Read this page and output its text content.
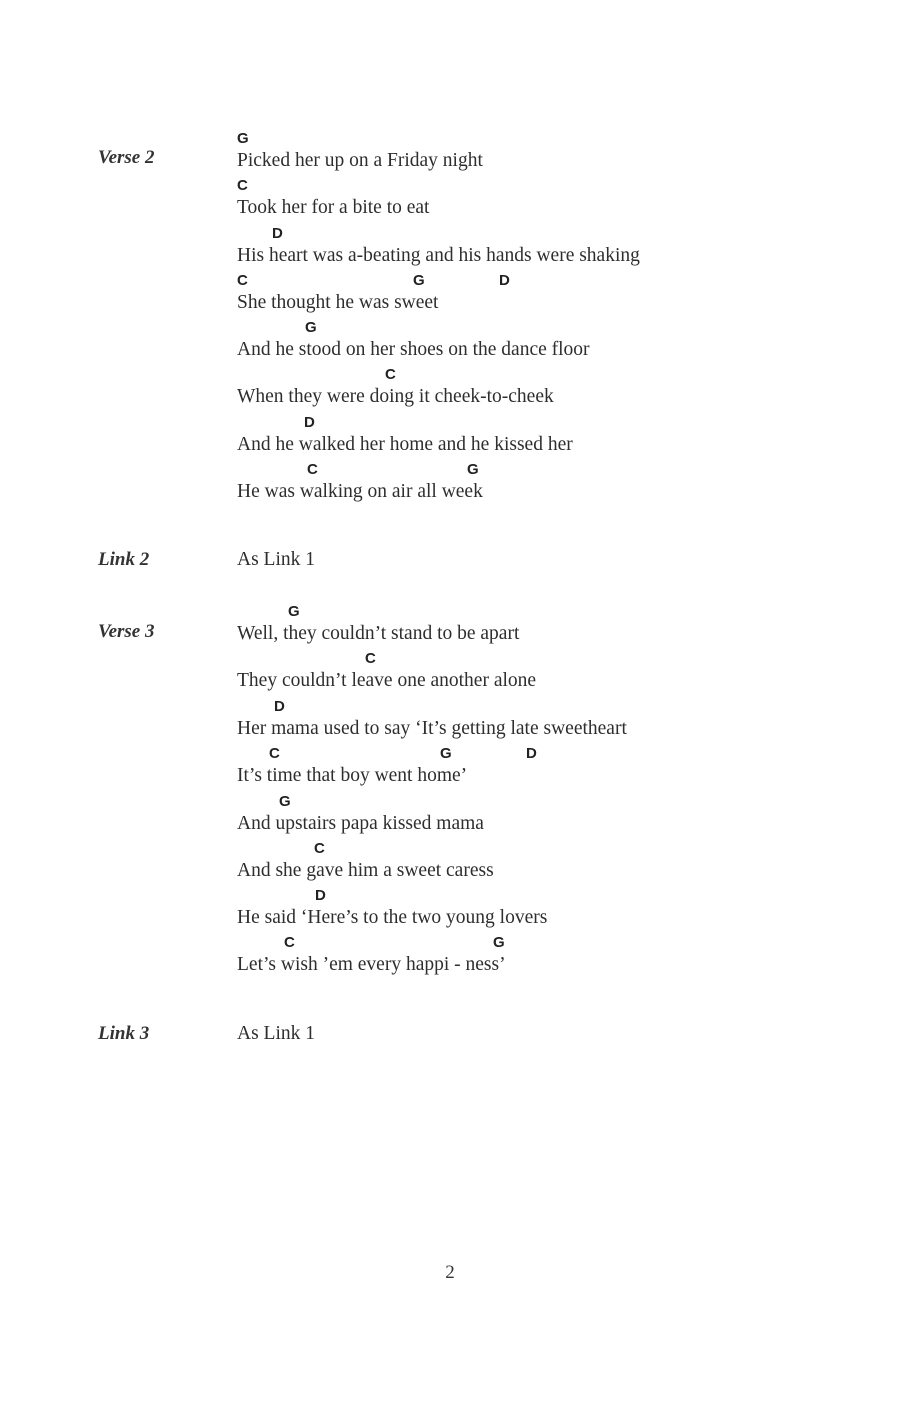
Verse 2
G
Picked her up on a Friday night
C
Took her for a bite to eat
D
His heart was a-beating and his hands were shaking
C	G	D
She thought he was sweet
G
And he stood on her shoes on the dance floor
C
When they were doing it cheek-to-cheek
D
And he walked her home and he kissed her
C	G
He was walking on air all week
Link 2	As Link 1
Verse 3
G
Well, they couldn’t stand to be apart
C
They couldn’t leave one another alone
D
Her mama used to say ‘It’s getting late sweetheart
C	G	D
It’s time that boy went home’
G
And upstairs papa kissed mama
C
And she gave him a sweet caress
D
He said ‘Here’s to the two young lovers
C	G
Let’s wish ’em every happi - ness’
Link 3	As Link 1
2
